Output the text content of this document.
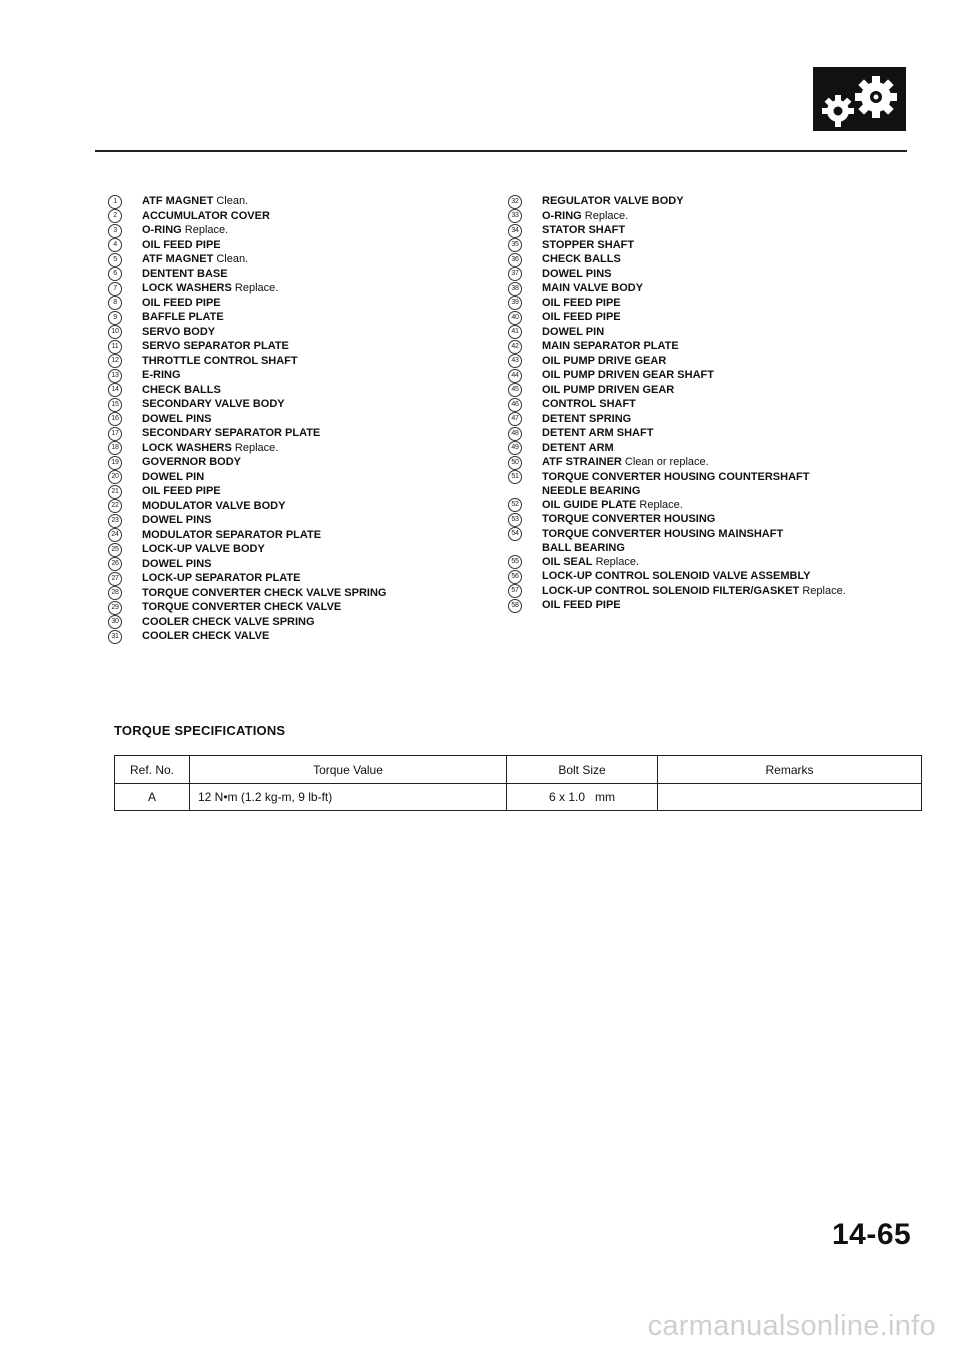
1	ATF MAGNET Clean.
2	ACCUMULATOR COVER
3	O-RING Replace.
4	OIL FEED PIPE
5	ATF MAGNET Clean.
6	DENTENT BASE
7	LOCK WASHERS Replace.
8	OIL FEED PIPE
9	BAFFLE PLATE
10	SERVO BODY
11	SERVO SEPARATOR PLATE
12	THROTTLE CONTROL SHAFT
13	E-RING
14	CHECK BALLS
15	SECONDARY VALVE BODY
16	DOWEL PINS
17	SECONDARY SEPARATOR PLATE
18	LOCK WASHERS Replace.
19	GOVERNOR BODY
20	DOWEL PIN
21	OIL FEED PIPE
22	MODULATOR VALVE BODY
23	DOWEL PINS
24	MODULATOR SEPARATOR PLATE
25	LOCK-UP VALVE BODY
26	DOWEL PINS
27	LOCK-UP SEPARATOR PLATE
28	TORQUE CONVERTER CHECK VALVE SPRING
29	TORQUE CONVERTER CHECK VALVE
30	COOLER CHECK VALVE SPRING
31	COOLER CHECK VALVE
32	REGULATOR VALVE BODY
33	O-RING Replace.
34	STATOR SHAFT
35	STOPPER SHAFT
36	CHECK BALLS
37	DOWEL PINS
38	MAIN VALVE BODY
39	OIL FEED PIPE
40	OIL FEED PIPE
41	DOWEL PIN
42	MAIN SEPARATOR PLATE
43	OIL PUMP DRIVE GEAR
44	OIL PUMP DRIVEN GEAR SHAFT
45	OIL PUMP DRIVEN GEAR
46	CONTROL SHAFT
47	DETENT SPRING
48	DETENT ARM SHAFT
49	DETENT ARM
50	ATF STRAINER Clean or replace.
51	TORQUE CONVERTER HOUSING COUNTERSHAFT
NEEDLE BEARING
52	OIL GUIDE PLATE Replace.
53	TORQUE CONVERTER HOUSING
54	TORQUE CONVERTER HOUSING MAINSHAFT
BALL BEARING
55	OIL SEAL Replace.
56	LOCK-UP CONTROL SOLENOID VALVE ASSEMBLY
57	LOCK-UP CONTROL SOLENOID FILTER/GASKET Replace.
58	OIL FEED PIPE
TORQUE SPECIFICATIONS
Ref. No.	Torque Value	Bolt Size	Remarks
A	12 N•m (1.2 kg-m, 9 lb-ft)	6 x 1.0   mm	
14-65
carmanualsonline.info
